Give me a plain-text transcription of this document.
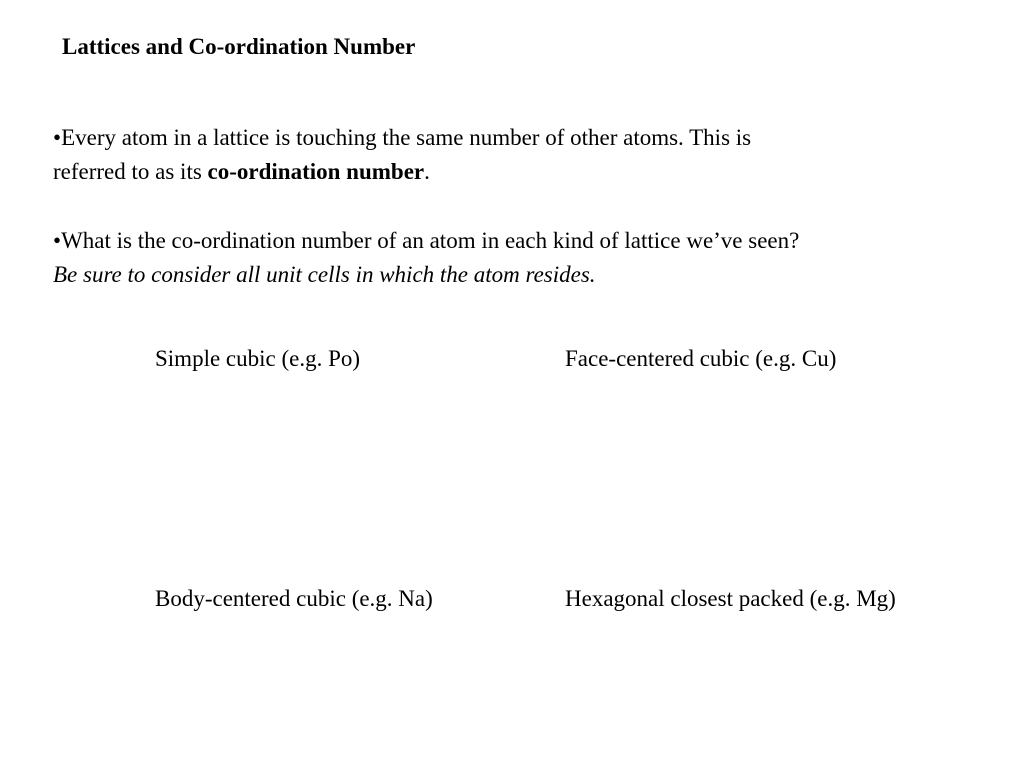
Lattices and Co-ordination Number
•Every atom in a lattice is touching the same number of other atoms. This is
referred to as its co-ordination number.
•What is the co-ordination number of an atom in each kind of lattice we’ve seen?
Be sure to consider all unit cells in which the atom resides.
Simple cubic (e.g. Po)	Face-centered cubic (e.g. Cu)
Body-centered cubic (e.g. Na)	Hexagonal closest packed (e.g. Mg)
